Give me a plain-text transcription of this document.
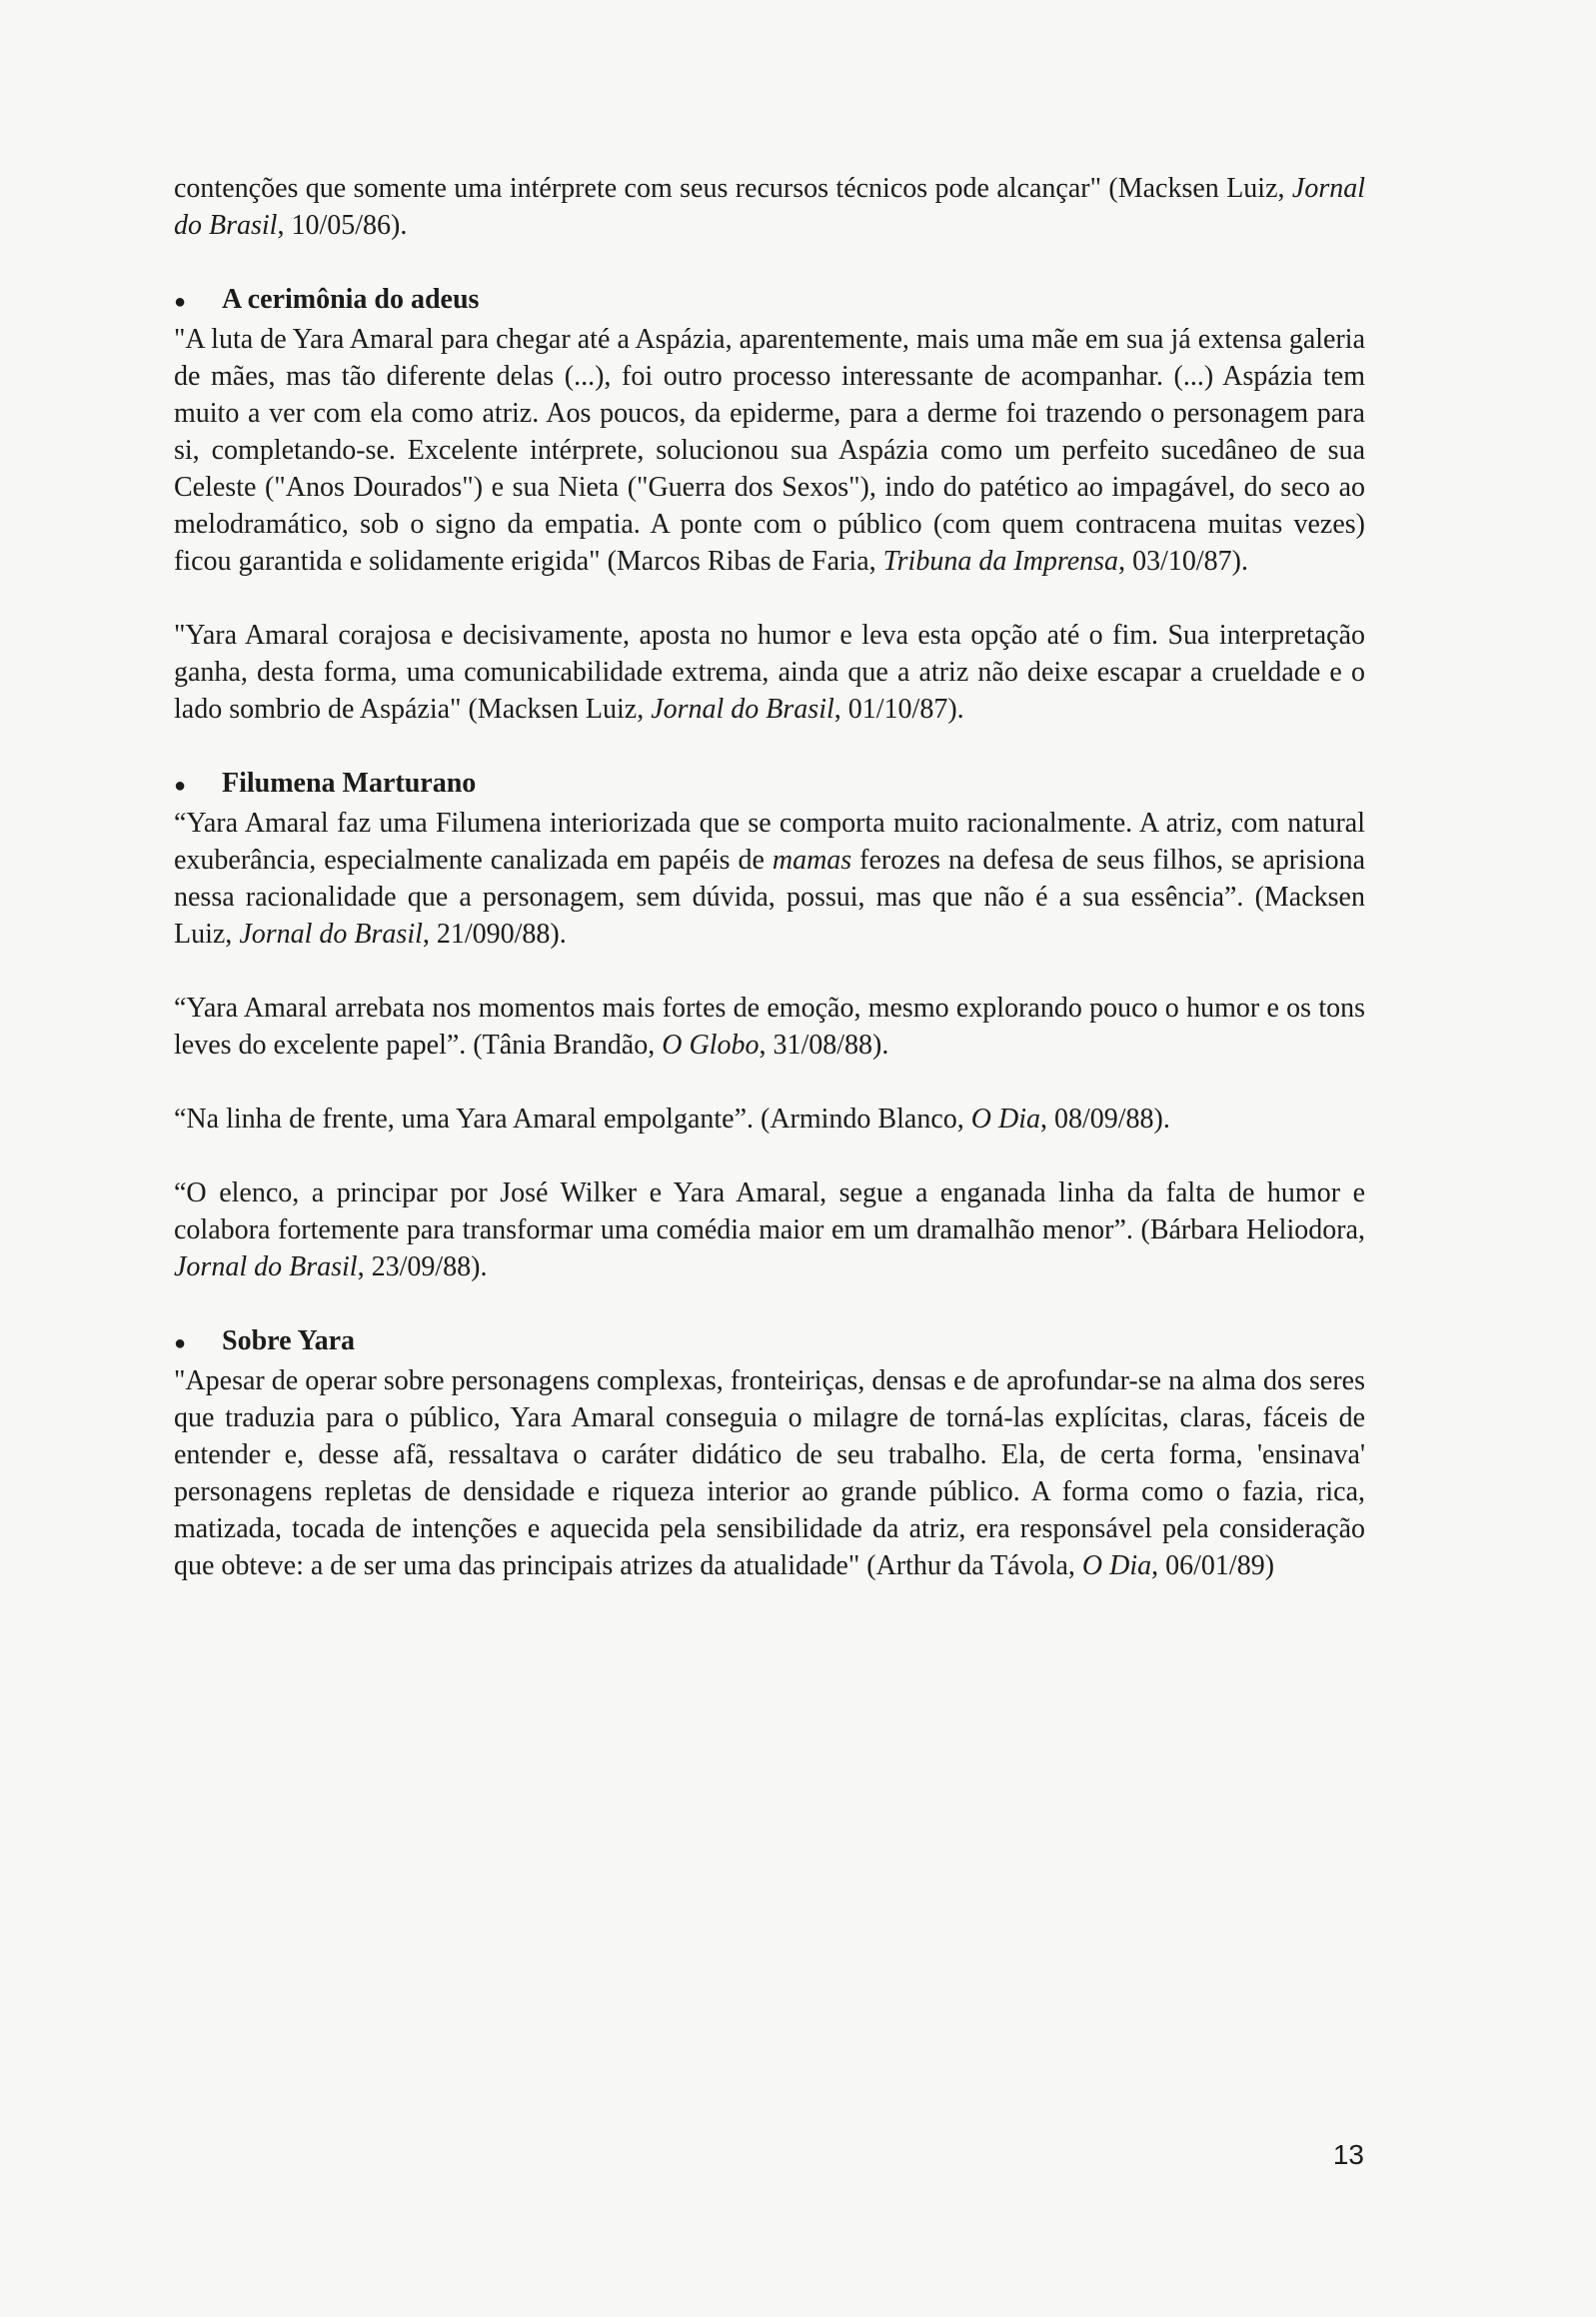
contenções que somente uma intérprete com seus recursos técnicos pode alcançar" (Macksen Luiz, Jornal do Brasil, 10/05/86).

●	A cerimônia do adeus

"A luta de Yara Amaral para chegar até a Aspázia, aparentemente, mais uma mãe em sua já extensa galeria de mães, mas tão diferente delas (...), foi outro processo interessante de acompanhar. (...) Aspázia tem muito a ver com ela como atriz. Aos poucos, da epiderme, para a derme foi trazendo o personagem para si, completando-se. Excelente intérprete, solucionou sua Aspázia como um perfeito sucedâneo de sua Celeste ("Anos Dourados") e sua Nieta ("Guerra dos Sexos"), indo do patético ao impagável, do seco ao melodramático, sob o signo da empatia. A ponte com o público (com quem contracena muitas vezes) ficou garantida e solidamente erigida" (Marcos Ribas de Faria, Tribuna da Imprensa, 03/10/87).

"Yara Amaral corajosa e decisivamente, aposta no humor e leva esta opção até o fim. Sua interpretação ganha, desta forma, uma comunicabilidade extrema, ainda que a atriz não deixe escapar a crueldade e o lado sombrio de Aspázia" (Macksen Luiz, Jornal do Brasil, 01/10/87).

●	Filumena Marturano

“Yara Amaral faz uma Filumena interiorizada que se comporta muito racionalmente. A atriz, com natural exuberância, especialmente canalizada em papéis de mamas ferozes na defesa de seus filhos, se aprisiona nessa racionalidade que a personagem, sem dúvida, possui, mas que não é a sua essência”. (Macksen Luiz, Jornal do Brasil, 21/090/88).

“Yara Amaral arrebata nos momentos mais fortes de emoção, mesmo explorando pouco o humor e os tons leves do excelente papel”. (Tânia Brandão, O Globo, 31/08/88).

“Na linha de frente, uma Yara Amaral empolgante”. (Armindo Blanco, O Dia, 08/09/88).

“O elenco, a principar por José Wilker e Yara Amaral, segue a enganada linha da falta de humor e colabora fortemente para transformar uma comédia maior em um dramalhão menor”. (Bárbara Heliodora, Jornal do Brasil, 23/09/88).

●	Sobre Yara

"Apesar de operar sobre personagens complexas, fronteiriças, densas e de aprofundar-se na alma dos seres que traduzia para o público, Yara Amaral conseguia o milagre de torná-las explícitas, claras, fáceis de entender e, desse afã, ressaltava o caráter didático de seu trabalho. Ela, de certa forma, 'ensinava' personagens repletas de densidade e riqueza interior ao grande público. A forma como o fazia, rica, matizada, tocada de intenções e aquecida pela sensibilidade da atriz, era responsável pela consideração que obteve: a de ser uma das principais atrizes da atualidade" (Arthur da Távola, O Dia, 06/01/89)

13
